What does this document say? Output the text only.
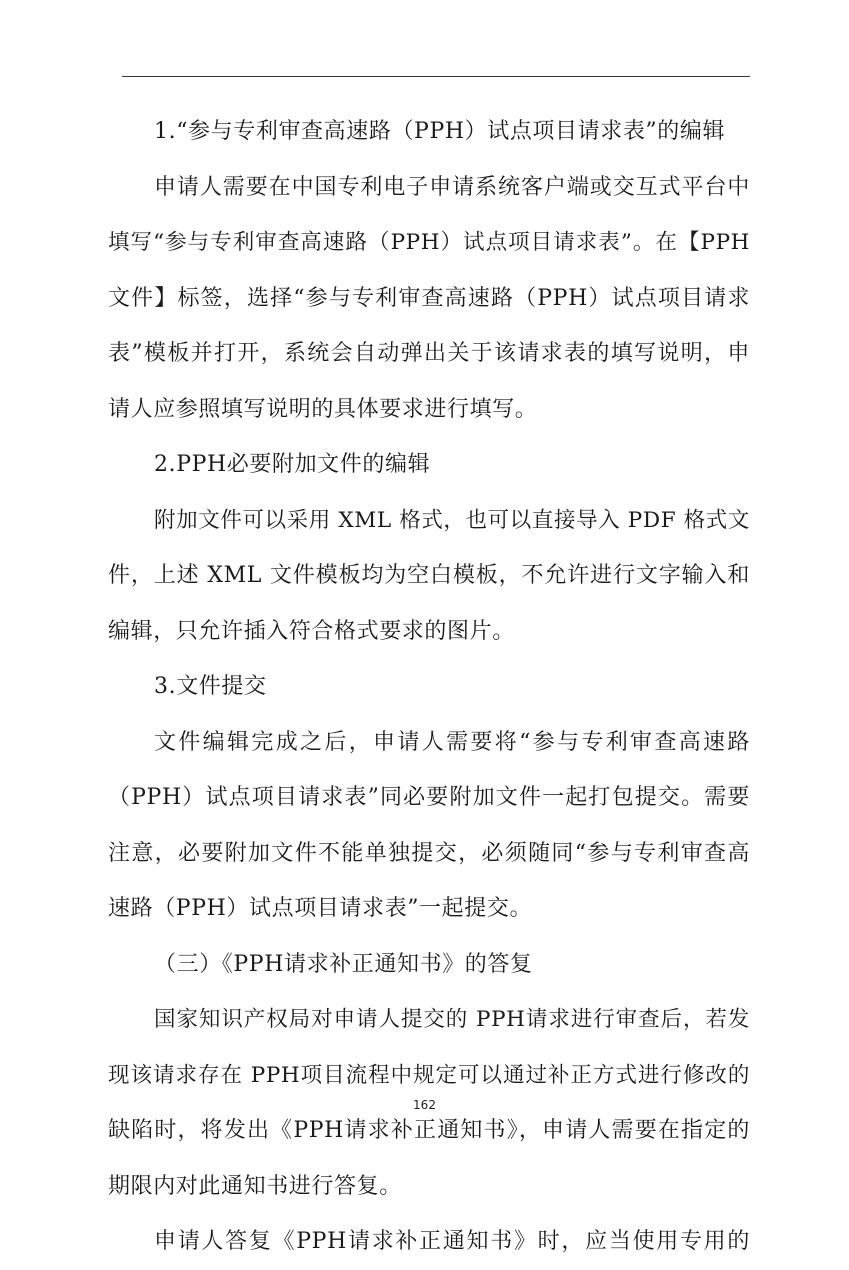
1.“参与专利审查高速路（PPH）试点项目请求表”的编辑
申请人需要在中国专利电子申请系统客户端或交互式平台中
填写“参与专利审查高速路（PPH）试点项目请求表”。在【PPH
文件】标签，选择“参与专利审查高速路（PPH）试点项目请求
表”模板并打开，系统会自动弹出关于该请求表的填写说明，申
请人应参照填写说明的具体要求进行填写。
2.PPH必要附加文件的编辑
附加文件可以采用 XML 格式，也可以直接导入 PDF 格式文
件，上述 XML 文件模板均为空白模板，不允许进行文字输入和
编辑，只允许插入符合格式要求的图片。
3.文件提交
文件编辑完成之后，申请人需要将“参与专利审查高速路
（PPH）试点项目请求表”同必要附加文件一起打包提交。需要
注意，必要附加文件不能单独提交，必须随同“参与专利审查高
速路（PPH）试点项目请求表”一起提交。
（三）《PPH请求补正通知书》的答复
国家知识产权局对申请人提交的 PPH请求进行审查后，若发
现该请求存在 PPH项目流程中规定可以通过补正方式进行修改的
缺陷时，将发出《PPH请求补正通知书》，申请人需要在指定的
期限内对此通知书进行答复。
申请人答复《PPH请求补正通知书》时，应当使用专用的
162
